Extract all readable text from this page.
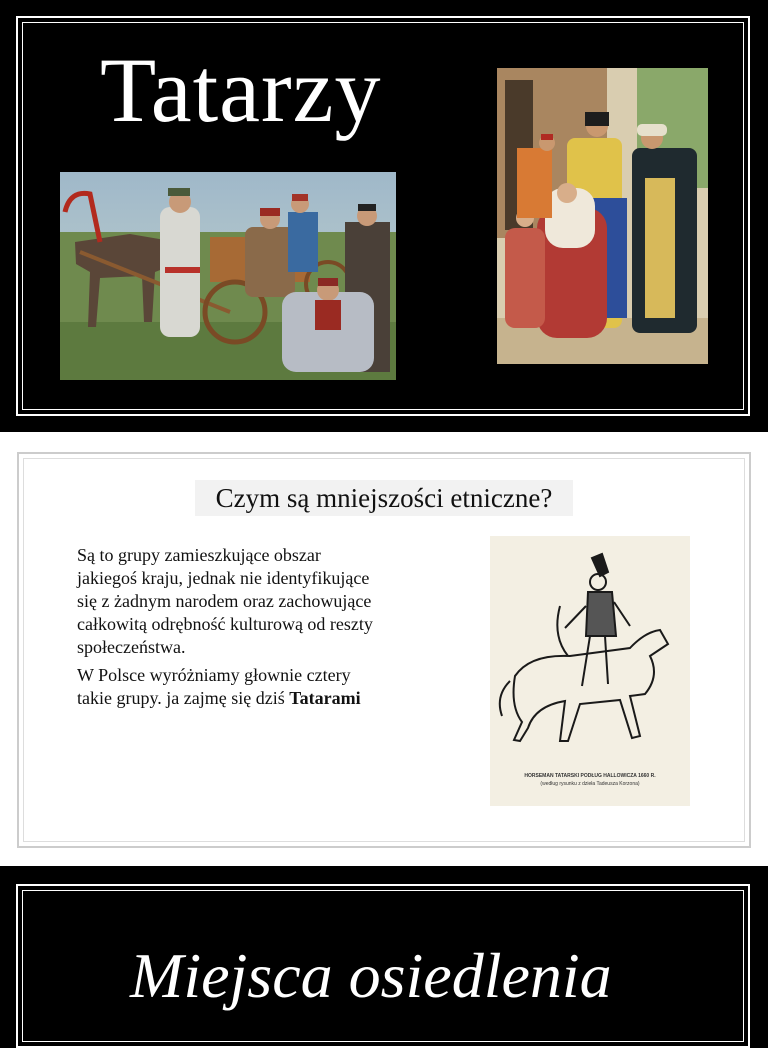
Tatarzy
Czym są mniejszości etniczne?

Są to grupy zamieszkujące obszar jakiegoś kraju, jednak nie identyfikujące się z żadnym narodem oraz zachowujące całkowitą odrębność kulturową od reszty społeczeństwa.

W Polsce wyróżniamy głownie cztery takie grupy. ja zajmę się dziś Tatarami

HORSEMAN TATARSKI PODŁUG HALLOWICZA 1660 R.
(według rysunku z dzieła Tadeusza Korzona)
Miejsca osiedlenia
